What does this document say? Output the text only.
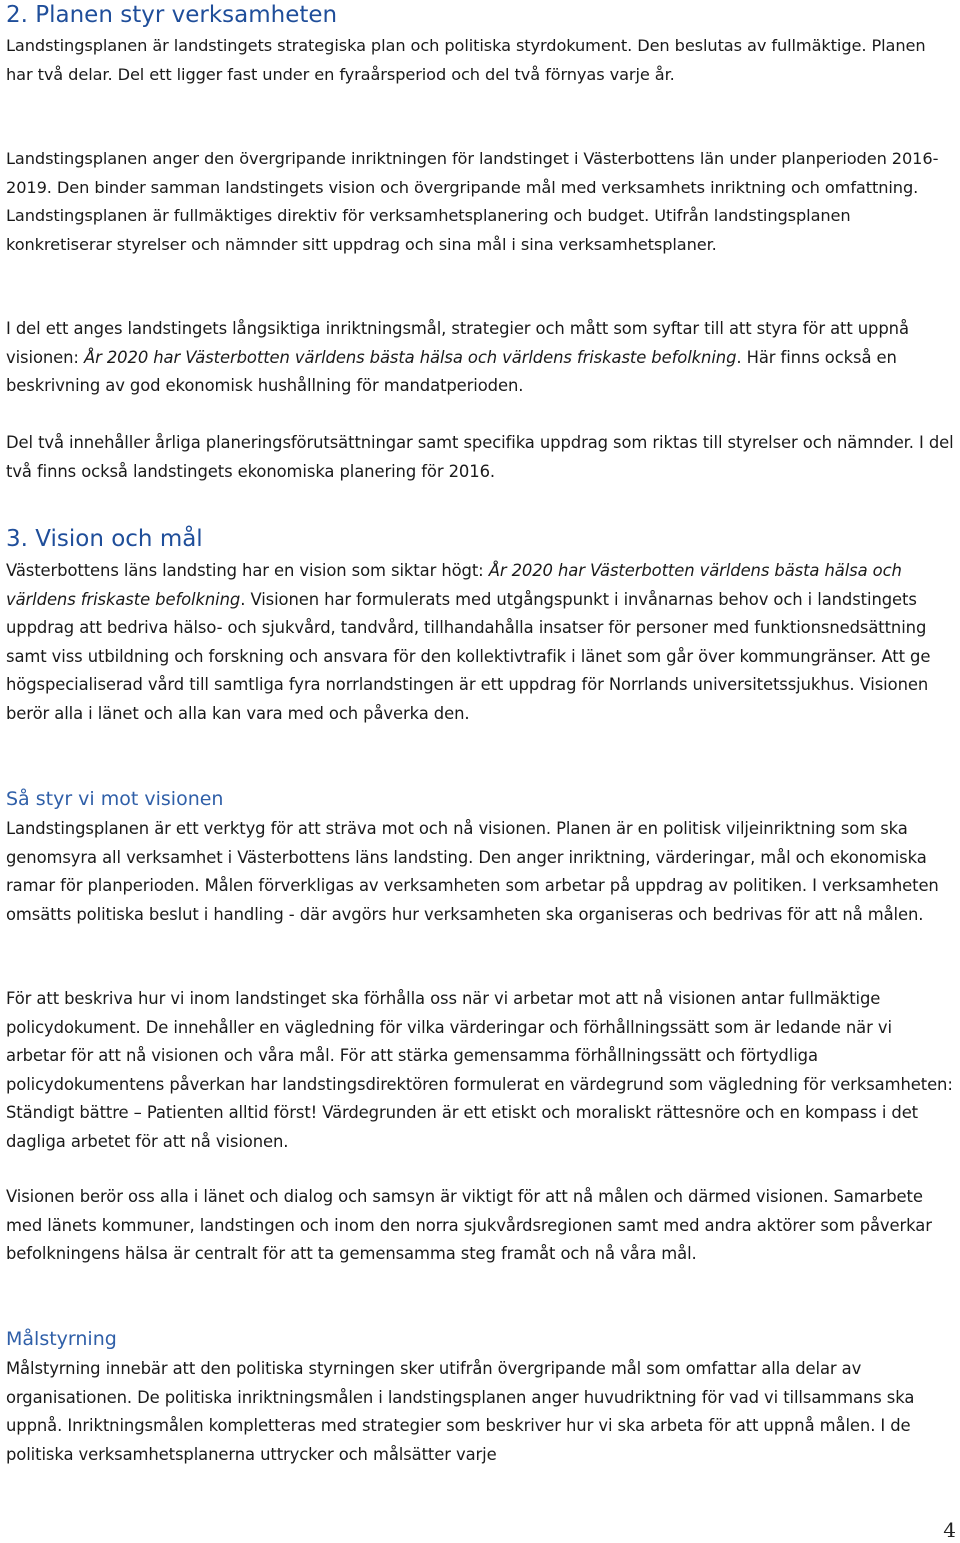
2. Planen styr verksamheten

Landstingsplanen är landstingets strategiska plan och politiska styrdokument. Den beslutas av fullmäktige. Planen har två delar. Del ett ligger fast under en fyraårsperiod och del två förnyas varje år.

Landstingsplanen anger den övergripande inriktningen för landstinget i Västerbottens län under planperioden 2016-2019. Den binder samman landstingets vision och övergripande mål med verksamhets inriktning och omfattning. Landstingsplanen är fullmäktiges direktiv för verksamhetsplanering och budget. Utifrån landstingsplanen konkretiserar styrelser och nämnder sitt uppdrag och sina mål i sina verksamhetsplaner.

I del ett anges landstingets långsiktiga inriktningsmål, strategier och mått som syftar till att styra för att uppnå visionen: År 2020 har Västerbotten världens bästa hälsa och världens friskaste befolkning. Här finns också en beskrivning av god ekonomisk hushållning för mandatperioden.

Del två innehåller årliga planeringsförutsättningar samt specifika uppdrag som riktas till styrelser och nämnder. I del två finns också landstingets ekonomiska planering för 2016.

3. Vision och mål

Västerbottens läns landsting har en vision som siktar högt: År 2020 har Västerbotten världens bästa hälsa och världens friskaste befolkning. Visionen har formulerats med utgångspunkt i invånarnas behov och i landstingets uppdrag att bedriva hälso- och sjukvård, tandvård, tillhandahålla insatser för personer med funktionsnedsättning samt viss utbildning och forskning och ansvara för den kollektivtrafik i länet som går över kommungränser. Att ge högspecialiserad vård till samtliga fyra norrlandstingen är ett uppdrag för Norrlands universitetssjukhus. Visionen berör alla i länet och alla kan vara med och påverka den.

Så styr vi mot visionen

Landstingsplanen är ett verktyg för att sträva mot och nå visionen. Planen är en politisk viljeinriktning som ska genomsyra all verksamhet i Västerbottens läns landsting. Den anger inriktning, värderingar, mål och ekonomiska ramar för planperioden. Målen förverkligas av verksamheten som arbetar på uppdrag av politiken. I verksamheten omsätts politiska beslut i handling - där avgörs hur verksamheten ska organiseras och bedrivas för att nå målen.

För att beskriva hur vi inom landstinget ska förhålla oss när vi arbetar mot att nå visionen antar fullmäktige policydokument. De innehåller en vägledning för vilka värderingar och förhållningssätt som är ledande när vi arbetar för att nå visionen och våra mål. För att stärka gemensamma förhållningssätt och förtydliga policydokumentens påverkan har landstingsdirektören formulerat en värdegrund som vägledning för verksamheten: Ständigt bättre – Patienten alltid först! Värdegrunden är ett etiskt och moraliskt rättesnöre och en kompass i det dagliga arbetet för att nå visionen.

Visionen berör oss alla i länet och dialog och samsyn är viktigt för att nå målen och därmed visionen. Samarbete med länets kommuner, landstingen och inom den norra sjukvårdsregionen samt med andra aktörer som påverkar befolkningens hälsa är centralt för att ta gemensamma steg framåt och nå våra mål.

Målstyrning

Målstyrning innebär att den politiska styrningen sker utifrån övergripande mål som omfattar alla delar av organisationen. De politiska inriktningsmålen i landstingsplanen anger huvudriktning för vad vi tillsammans ska uppnå. Inriktningsmålen kompletteras med strategier som beskriver hur vi ska arbeta för att uppnå målen. I de politiska verksamhetsplanerna uttrycker och målsätter varje

4
